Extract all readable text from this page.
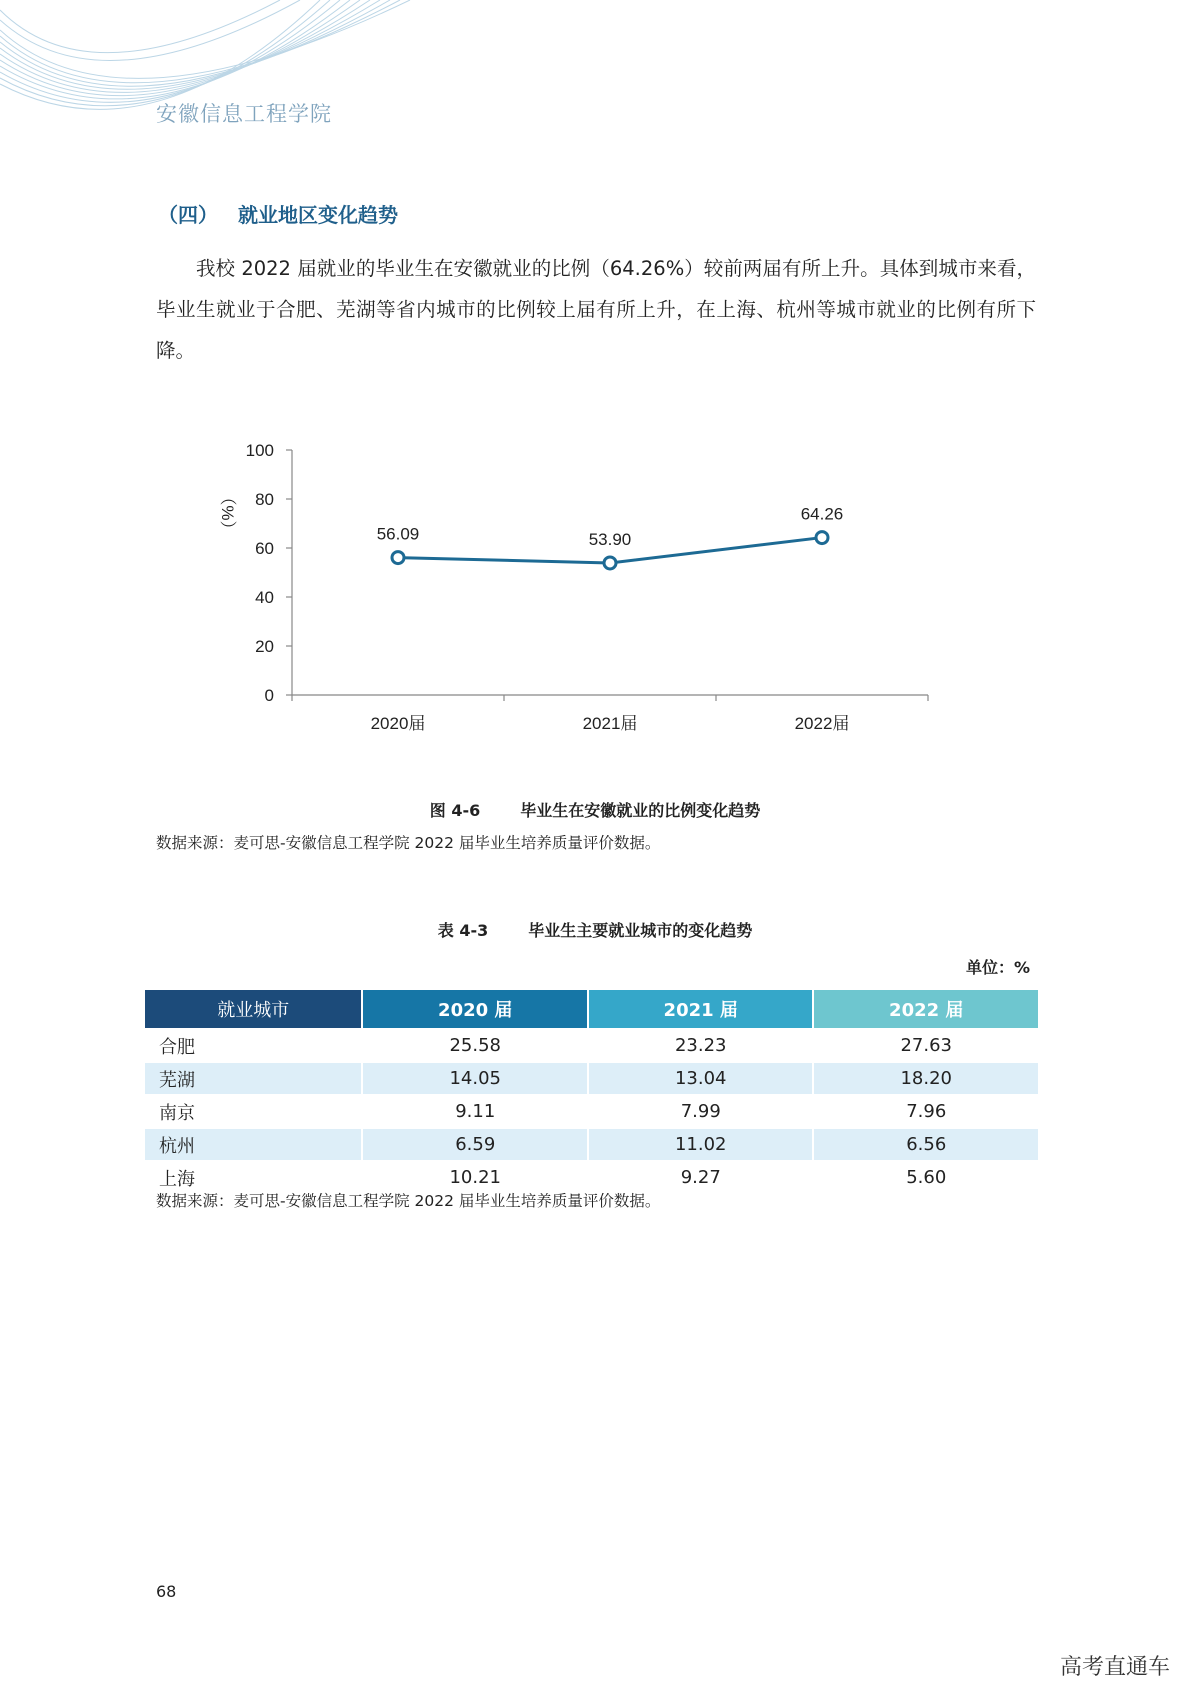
安徽信息工程学院
（四） 就业地区变化趋势
我校 2022 届就业的毕业生在安徽就业的比例（64.26%）较前两届有所上升。具体到城市来看，毕业生就业于合肥、芜湖等省内城市的比例较上届有所上升，在上海、杭州等城市就业的比例有所下降。
0
20
40
60
80
100
2020届	2021届	2022届
（%）	56.09	53.90
64.26
图 4-6	毕业生在安徽就业的比例变化趋势
数据来源：麦可思-安徽信息工程学院 2022 届毕业生培养质量评价数据。
表 4-3	毕业生主要就业城市的变化趋势
单位：%
就业城市	2020 届	2021 届	2022 届
合肥	25.58	23.23	27.63
芜湖	14.05	13.04	18.20
南京	9.11	7.99	7.96
杭州	6.59	11.02	6.56
上海	10.21	9.27	5.60
数据来源：麦可思-安徽信息工程学院 2022 届毕业生培养质量评价数据。
68
高考直通车
